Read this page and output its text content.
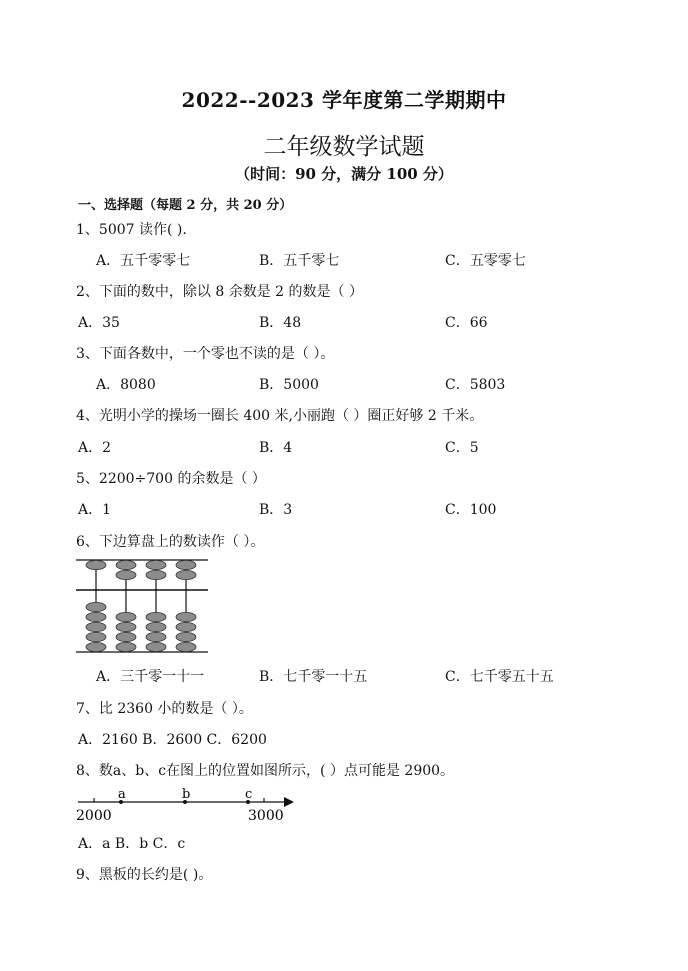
2022--2023 学年度第二学期期中
二年级数学试题
（时间：90 分，满分 100 分）
一、选择题（每题 2 分，共 20 分）
1、5007 读作( ).
A．五千零零七	B．五千零七	C．五零零七
2、下面的数中，除以 8 余数是 2 的数是（ ）
A．35	B．48	C．66
3、下面各数中，一个零也不读的是（ ）。
A．8080	B．5000	C．5803
4、光明小学的操场一圈长 400 米,小丽跑（ ）圈正好够 2 千米。
A．2	B．4	C．5
5、2200÷700 的余数是（ ）
A．1	B．3	C．100
6、下边算盘上的数读作（ ）。
A．三千零一十一	B．七千零一十五	C．七千零五十五
7、比 2360 小的数是（ ）。
A．2160 B．2600 C．6200
8、数a、b、c在图上的位置如图所示，( ）点可能是 2900。
a	b	c
2000	3000
A．a B．b C．c
9、黑板的长约是( )。
